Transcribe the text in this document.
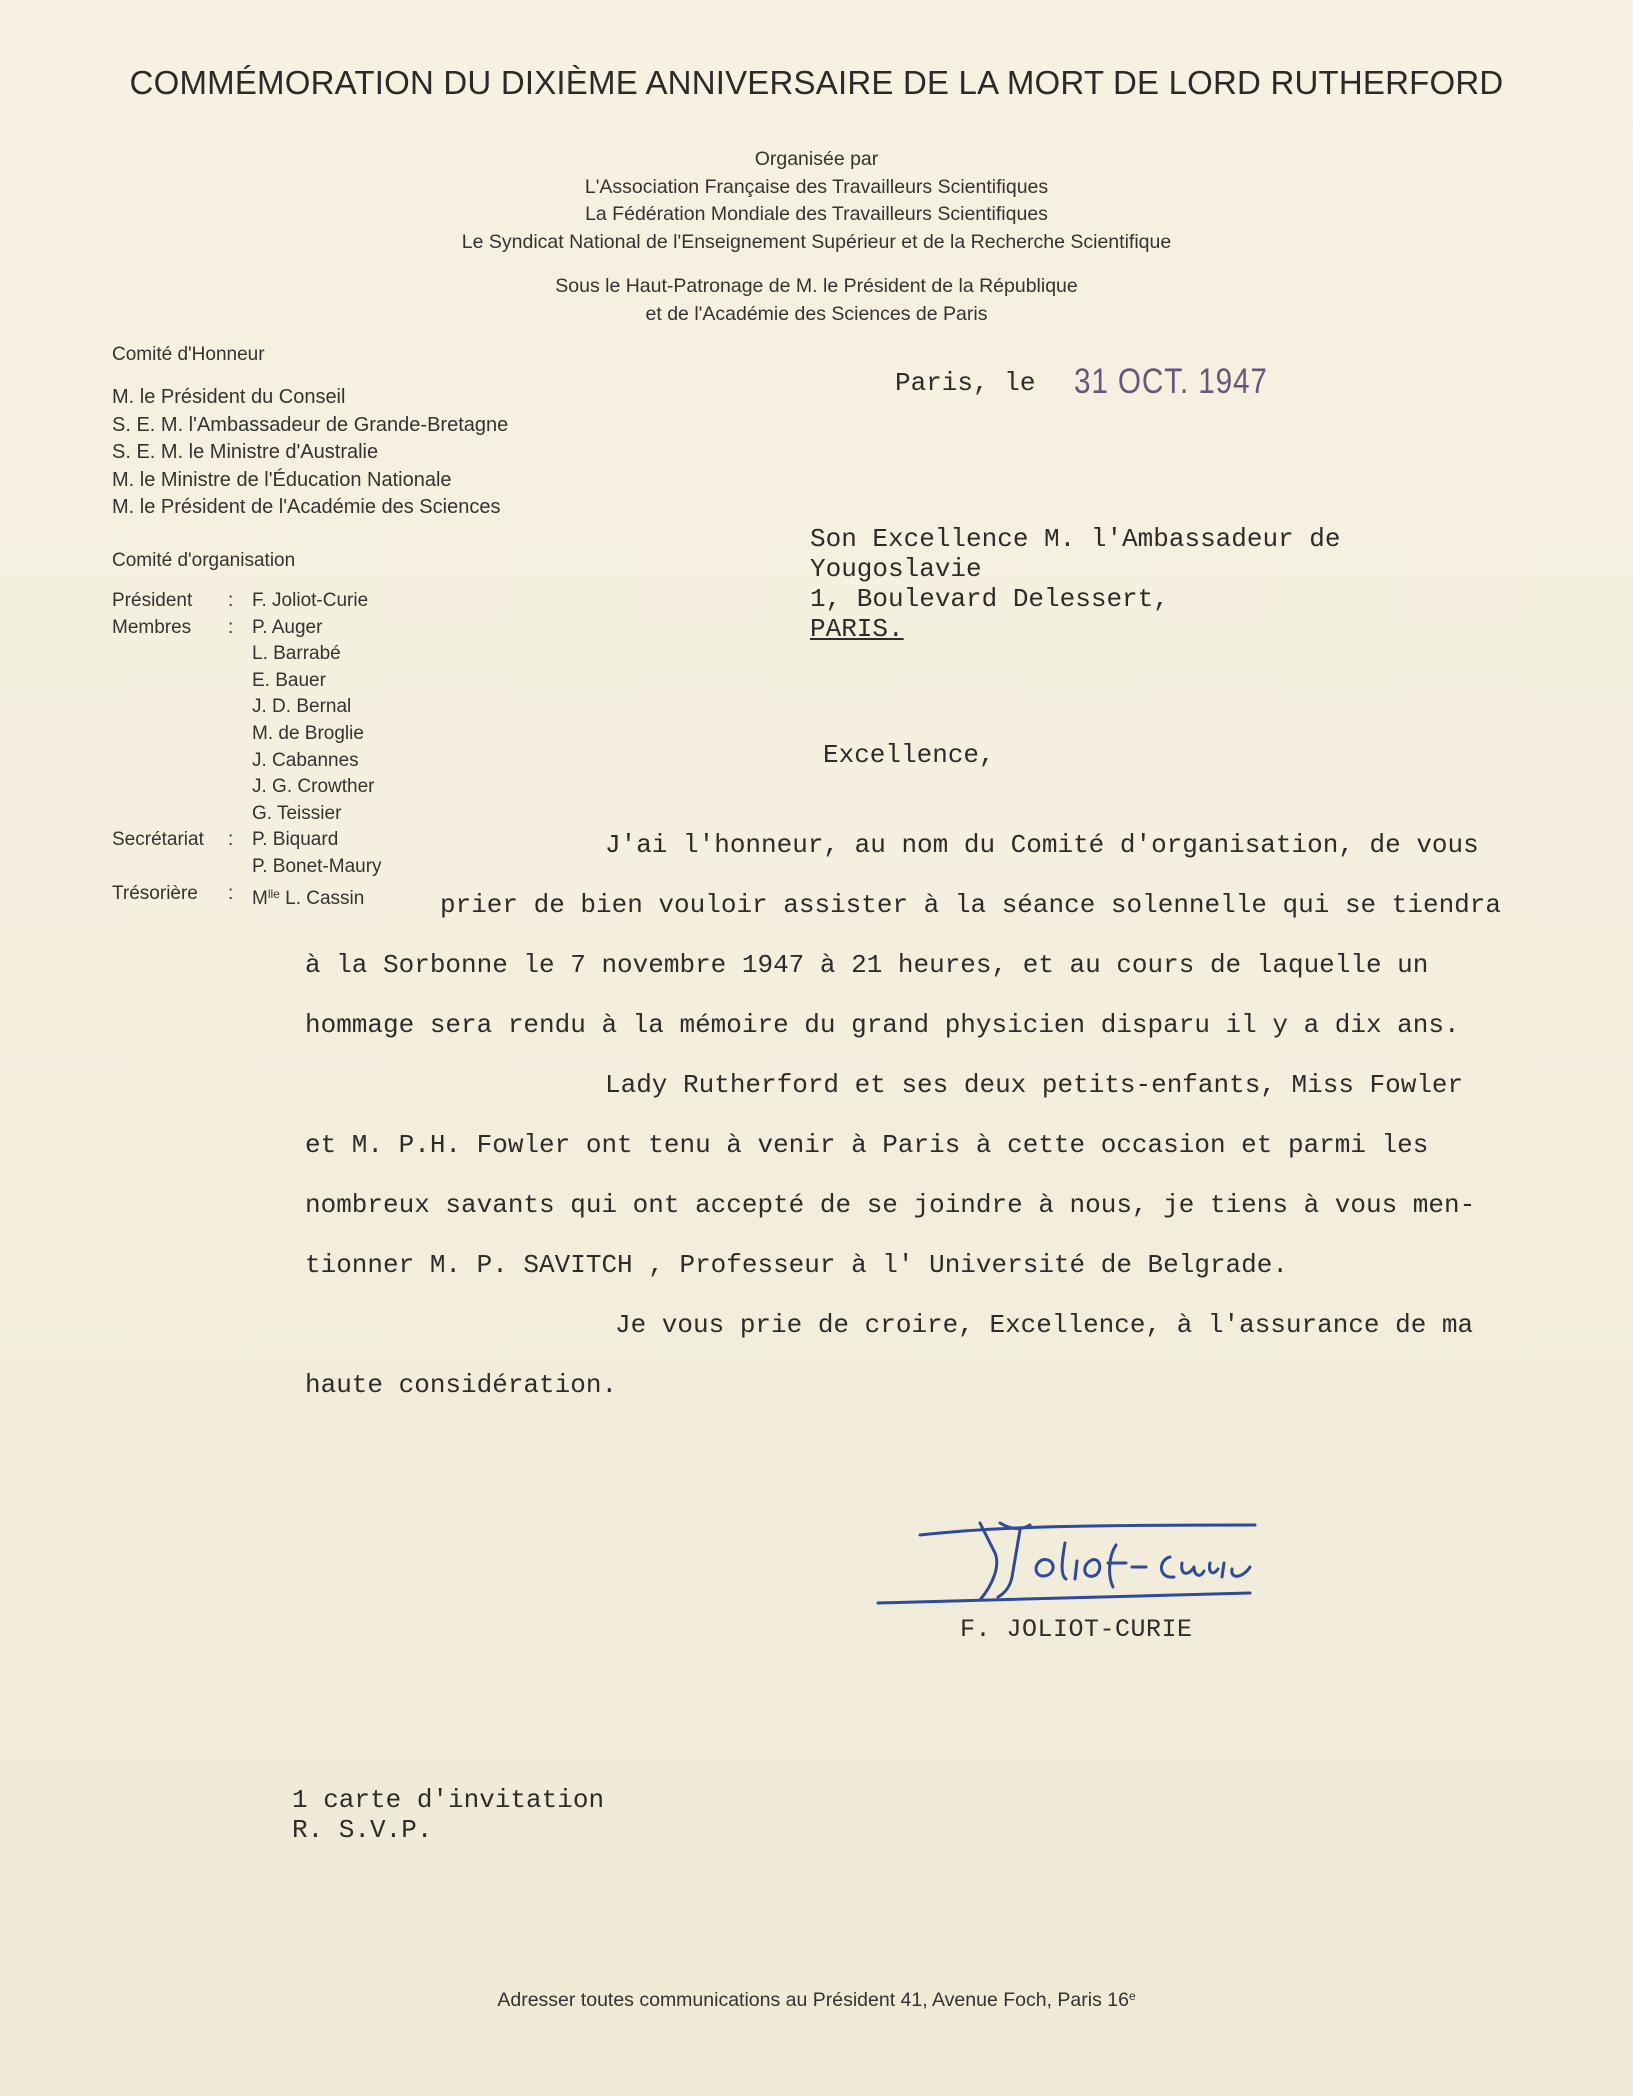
COMMÉMORATION DU DIXIÈME ANNIVERSAIRE DE LA MORT DE LORD RUTHERFORD
Organisée par
L'Association Française des Travailleurs Scientifiques
La Fédération Mondiale des Travailleurs Scientifiques
Le Syndicat National de l'Enseignement Supérieur et de la Recherche Scientifique
Sous le Haut-Patronage de M. le Président de la République
et de l'Académie des Sciences de Paris
Comité d'Honneur
M. le Président du Conseil
S. E. M. l'Ambassadeur de Grande-Bretagne
S. E. M. le Ministre d'Australie
M. le Ministre de l'Éducation Nationale
M. le Président de l'Académie des Sciences
Comité d'organisation
Président : F. Joliot-Curie
Membres : P. Auger
L. Barrabé
E. Bauer
J. D. Bernal
M. de Broglie
J. Cabannes
J. G. Crowther
G. Teissier
Secrétariat : P. Biquard
P. Bonet-Maury
Trésorière : $M^{lle}$ L. Cassin
Paris, le 31 OCT. 1947
Son Excellence M. l'Ambassadeur de
Yougoslavie
1, Boulevard Delessert,
PARIS.
Excellence,
J'ai l'honneur, au nom du Comité d'organisation, de vous
prier de bien vouloir assister à la séance solennelle qui se tiendra
à la Sorbonne le 7 novembre 1947 à 21 heures, et au cours de laquelle un
hommage sera rendu à la mémoire du grand physicien disparu il y a dix ans.
Lady Rutherford et ses deux petits-enfants, Miss Fowler
et M. P.H. Fowler ont tenu à venir à Paris à cette occasion et parmi les
nombreux savants qui ont accepté de se joindre à nous, je tiens à vous men-
tionner M. P. SAVITCH , Professeur à l' Université de Belgrade.
Je vous prie de croire, Excellence, à l'assurance de ma
haute considération.
F. JOLIOT-CURIE
1 carte d'invitation
R. S.V.P.
Adresser toutes communications au Président 41, Avenue Foch, Paris 16e
